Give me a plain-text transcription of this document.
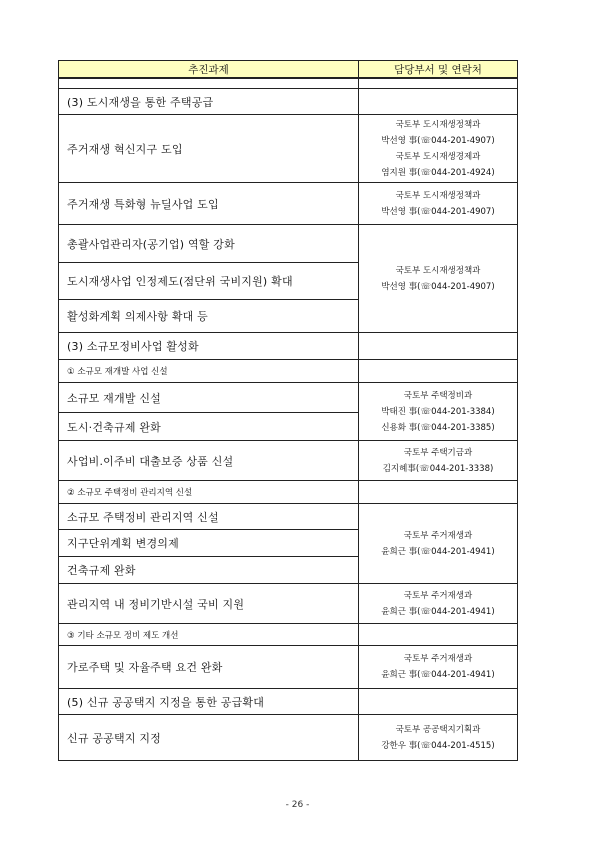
추진과제	담당부서 및 연락처

(3) 도시재생을 통한 주택공급	
주거재생 혁신지구 도입	국토부 도시재생정책과
박선영 事(☏044-201-4907)
국토부 도시재생경제과
염지원 事(☏044-201-4924)

주거재생 특화형 뉴딜사업 도입	국토부 도시재생정책과
박선영 事(☏044-201-4907)

총괄사업관리자(공기업) 역할 강화	국토부 도시재생정책과
박선영 事(☏044-201-4907)

도시재생사업 인정제도(점단위 국비지원) 확대	
활성화계획 의제사항 확대 등	
(3) 소규모정비사업 활성화	
① 소규모 재개발 사업 신설	
소규모 재개발 신설	국토부 주택정비과
박태진 事(☏044-201-3384)
신용화 事(☏044-201-3385)

도시·건축규제 완화	
사업비.이주비 대출보증 상품 신설	국토부 주택기금과
김지혜事(☏044-201-3338)

② 소규모 주택정비 관리지역 신설	
소규모 주택정비 관리지역 신설	국토부 주거재생과
윤희근 事(☏044-201-4941)

지구단위계획 변경의제	
건축규제 완화	
관리지역 내 정비기반시설 국비 지원	국토부 주거재생과
윤희근 事(☏044-201-4941)

③ 기타 소규모 정비 제도 개선	
가로주택 및 자율주택 요건 완화	국토부 주거재생과
윤희근 事(☏044-201-4941)

(5) 신규 공공택지 지정을 통한 공급확대	
신규 공공택지 지정	국토부 공공택지기획과
강한우 事(☏044-201-4515)
- 26 -
